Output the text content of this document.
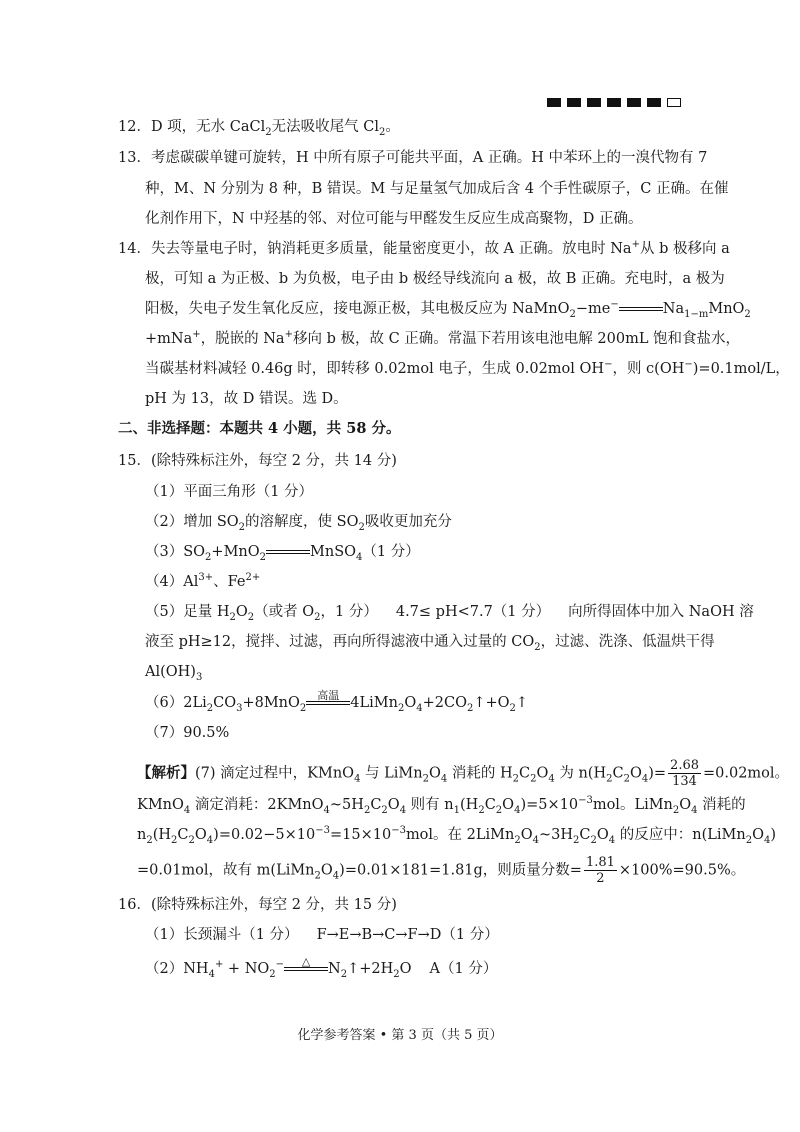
12．D 项，无水 CaCl$_2$无法吸收尾气 $Cl_2$。
13．考虑碳碳单键可旋转，H 中所有原子可能共平面，A 正确。H 中苯环上的一溴代物有 7
种，M、N 分别为 8 种，B 错误。M 与足量氢气加成后含 4 个手性碳原子，C 正确。在催
化剂作用下，N 中羟基的邻、对位可能与甲醛发生反应生成高聚物，D 正确。
14．失去等量电子时，钠消耗更多质量，能量密度更小，故 A 正确。放电时 Na+从 b 极移向 a
极，可知 a 为正极、b 为负极，电子由 b 极经导线流向 a 极，故 B 正确。充电时，a 极为
阳极，失电子发生氧化反应，接电源正极，其电极反应为 NaMnO$_2$−me−	$Na_{1-m}MnO_2$
+mNa+，脱嵌的 Na+移向 b 极，故 C 正确。常温下若用该电池电解 200mL 饱和食盐水，
当碳基材料减轻 0.46g 时，即转移 0.02mol 电子，生成 0.02mol OH−，则 c(OH−)=0.1mol/L，
pH 为 13，故 D 错误。选 D。
二、非选择题：本题共 4 小题，共 58 分。
15．(除特殊标注外，每空 2 分，共 14 分)
（1）平面三角形（1 分）
（2）增加 $SO_2$的溶解度，使 $SO_2$吸收更加充分
$(3)SO_2+MnO_2$	MnSO$_4$（1 分）
$(4)Al^{3+}$、$Fe^{2+}$
（5）足量 $H_2O_2$（或者 $O_2$，1 分） 4.7≤ pH<7.7（1 分） 向所得固体中加入 NaOH 溶
液至 pH≥12，搅拌、过滤，再向所得滤液中通入过量的 $CO_2$，过滤、洗涤、低温烘干得
$Al(OH)_3$
$(6)2Li_2CO_3+8MnO_2$
高温 $4LiMn_2O_4+2CO_2↑+O_2↑$
（7）90.5%
【解析】(7) 滴定过程中，KMnO$_4$ 与 $LiMn_2O_4$ 消耗的 $H_2C_2O_4$ 为 $n(H_2C_2O_4)= \frac{2.68}{134} =0.02mol$。
KMnO$_4$ 滴定消耗：$2KMnO_4\sim 5H_2C_2O_4$ 则有 $n_1(H_2C_2O_4)=5\times 10^{-3}mol$。$LiMn_2O_4$ 消耗的
$n_2(H_2C_2O_4)=0.02-5\times 10^{-3}=15\times 10^{-3}mol$。在 $2LiMn_2O_4\sim 3H_2C_2O_4$ 的反应中：$n(LiMn_2O_4)$
=0.01mol，故有 $m(LiMn_2O_4)=0.01\times 181=1.81g$，则质量分数= $\frac{1.81}{2} \times 100\%=90.5\%$。
16．(除特殊标注外，每空 2 分，共 15 分)
（1）长颈漏斗（1 分） F→E→B→C→F→D（1 分）
$(2)NH_4^+ + NO_2^-$	△	$N_2↑+2H_2O$ A（1 分）
化学参考答案 • 第 3 页（共 5 页）
